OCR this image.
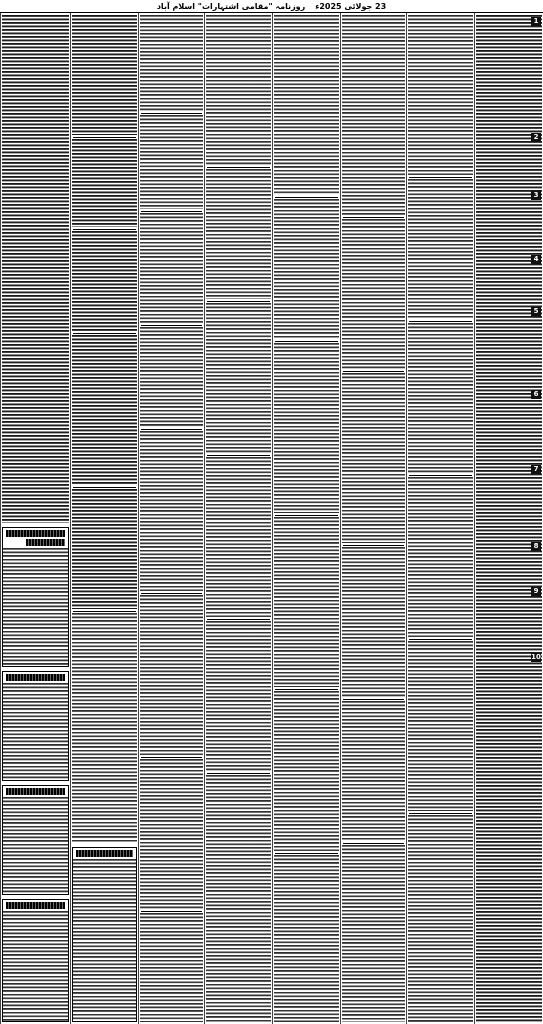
23 جولائی 2025ء
روزنامہ "مقامی اشتہارات" اسلام آباد
1
2
3
4
5
6
7
8
9
10
